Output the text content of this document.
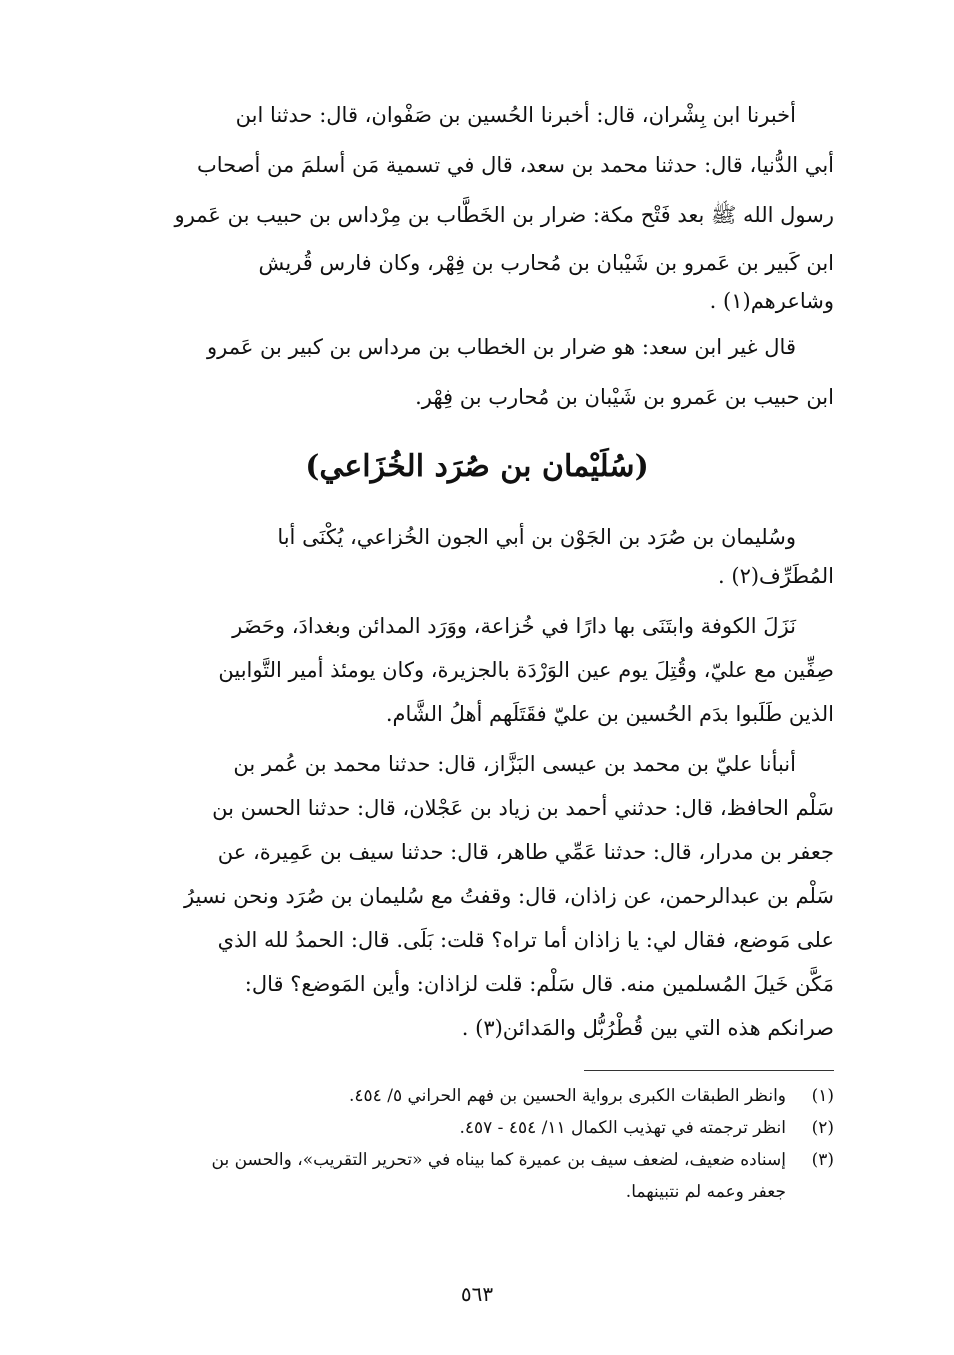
أخبرنا ابن بِشْران، قال: أخبرنا الحُسين بن صَفْوان، قال: حدثنا ابن
أبي الدُّنيا، قال: حدثنا محمد بن سعد، قال في تسمية مَن أسلمَ من أصحاب
رسول الله ﷺ بعد فَتْح مكة: ضرار بن الخَطَّاب بن مِرْداس بن حبيب بن عَمرو
ابن كَبير بن عَمرو بن شَيْبان بن مُحارب بن فِهْر، وكان فارس قُريش
وشاعرهم(١) .

قال غير ابن سعد: هو ضرار بن الخطاب بن مرداس بن كبير بن عَمرو
ابن حبيب بن عَمرو بن شَيْبان بن مُحارب بن فِهْر.

(سُلَيْمان بن صُرَد الخُزَاعي)

وسُليمان بن صُرَد بن الجَوْن بن أبي الجون الخُزاعي، يُكْنَى أبا
المُطَرِّف(٢) .

نَزَلَ الكوفة وابتَنَى بها دارًا في خُزاعة، ووَرَد المدائن وبغدادَ، وحَضَر
صِفِّين مع عليّ، وقُتِلَ يوم عين الوَرْدَة بالجزيرة، وكان يومئذ أمير التَّوابين
الذين طَلَبوا بدَم الحُسين بن عليّ فقَتَلَهم أهلُ الشَّام.

أنبأنا عليّ بن محمد بن عيسى البَزَّاز، قال: حدثنا محمد بن عُمر بن
سَلْم الحافظ، قال: حدثني أحمد بن زياد بن عَجْلان، قال: حدثنا الحسن بن
جعفر بن مدرار، قال: حدثنا عَمِّي طاهر، قال: حدثنا سيف بن عَمِيرة، عن
سَلْم بن عبدالرحمن، عن زاذان، قال: وقفتُ مع سُليمان بن صُرَد ونحن نسيرُ
على مَوضع، فقال لي: يا زاذان أما تراه؟ قلت: بَلَى. قال: الحمدُ لله الذي
مَكَّن خَيلَ المُسلمين منه. قال سَلْم: قلت لزاذان: وأين المَوضع؟ قال:
صرانكم هذه التي بين قُطْرُبُّل والمَدائن(٣) .

(١)
وانظر الطبقات الكبرى برواية الحسين بن فهم الحراني ٥/ ٤٥٤.
(٢)
انظر ترجمته في تهذيب الكمال ١١/ ٤٥٤ - ٤٥٧.
(٣)
إسناده ضعيف، لضعف سيف بن عميرة كما بيناه في «تحرير التقريب»، والحسن بن
جعفر وعمه لم نتبينهما.
٥٦٣
